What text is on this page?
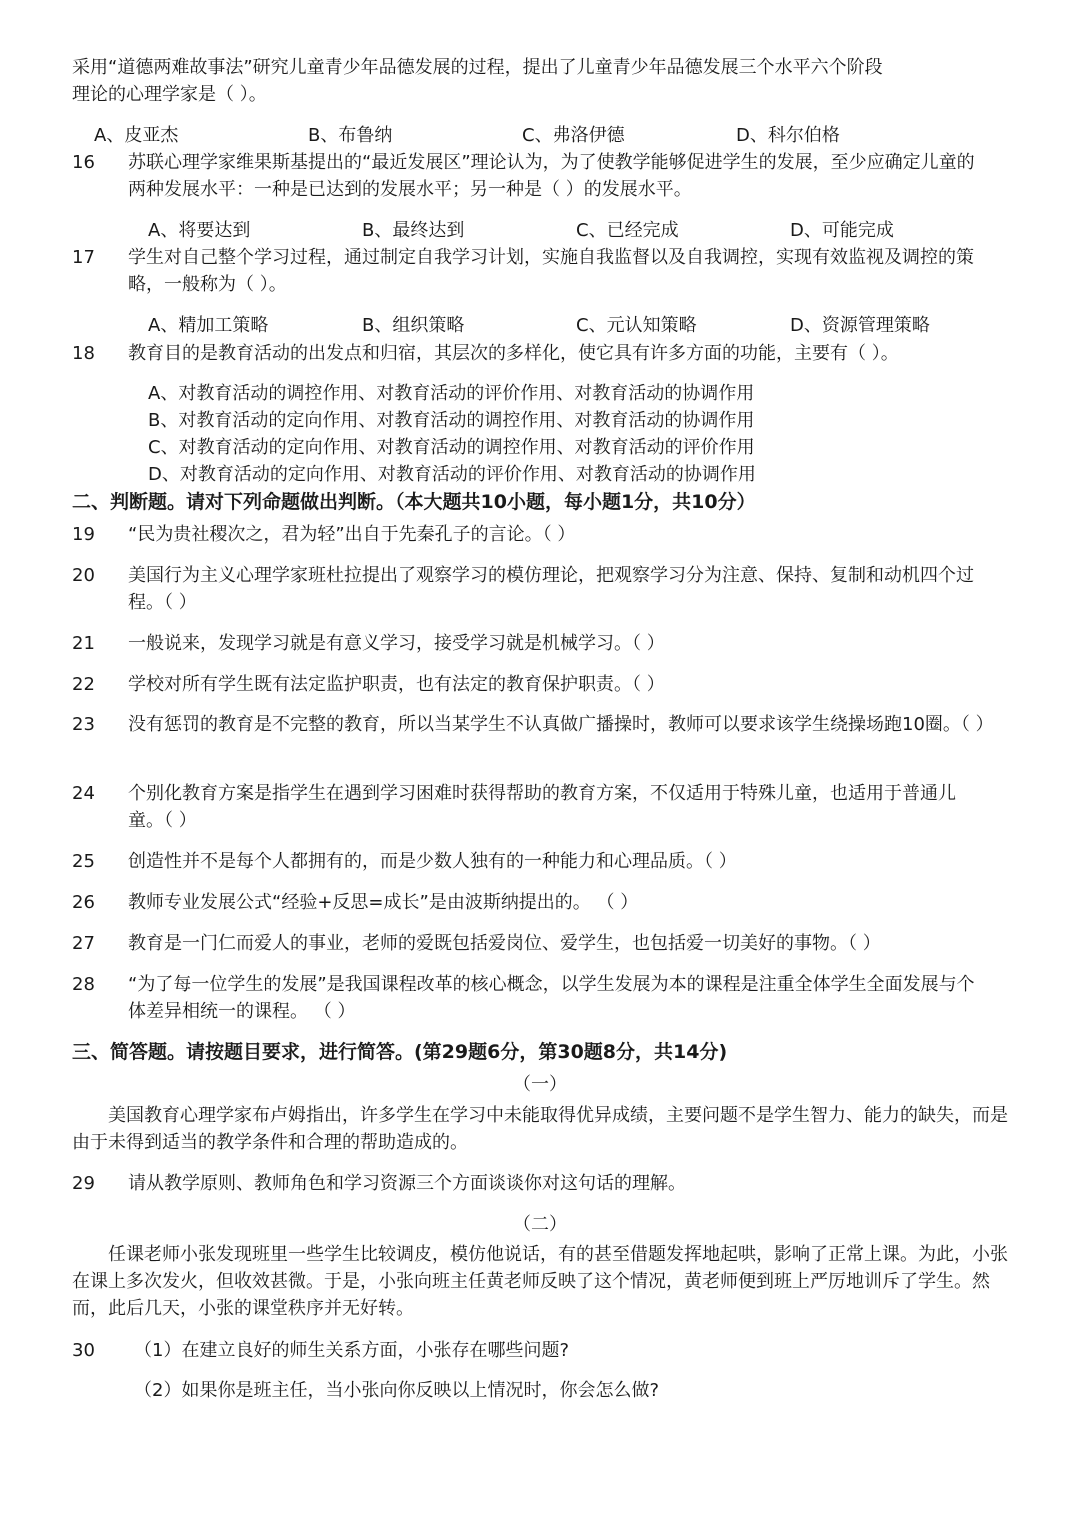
采用“道德两难故事法”研究儿童青少年品德发展的过程，提出了儿童青少年品德发展三个水平六个阶段
理论的心理学家是（ ）。
A、皮亚杰	B、布鲁纳	C、弗洛伊德	D、科尔伯格
16	苏联心理学家维果斯基提出的“最近发展区”理论认为，为了使教学能够促进学生的发展，至少应确定儿童的两种发展水平：一种是已达到的发展水平；另一种是（ ）的发展水平。
A、将要达到	B、最终达到	C、已经完成	D、可能完成
17	学生对自己整个学习过程，通过制定自我学习计划，实施自我监督以及自我调控，实现有效监视及调控的策略，一般称为（ ）。
A、精加工策略	B、组织策略	C、元认知策略	D、资源管理策略
18	教育目的是教育活动的出发点和归宿，其层次的多样化，使它具有许多方面的功能，主要有（ ）。
A、对教育活动的调控作用、对教育活动的评价作用、对教育活动的协调作用
B、对教育活动的定向作用、对教育活动的调控作用、对教育活动的协调作用
C、对教育活动的定向作用、对教育活动的调控作用、对教育活动的评价作用
D、对教育活动的定向作用、对教育活动的评价作用、对教育活动的协调作用
二、判断题。请对下列命题做出判断。（本大题共10小题，每小题1分，共10分）
19	“民为贵社稷次之，君为轻”出自于先秦孔子的言论。（ ）
20	美国行为主义心理学家班杜拉提出了观察学习的模仿理论，把观察学习分为注意、保持、复制和动机四个过程。（ ）
21	一般说来，发现学习就是有意义学习，接受学习就是机械学习。（ ）
22	学校对所有学生既有法定监护职责，也有法定的教育保护职责。（ ）
23	没有惩罚的教育是不完整的教育，所以当某学生不认真做广播操时，教师可以要求该学生绕操场跑10圈。（ ）
24	个别化教育方案是指学生在遇到学习困难时获得帮助的教育方案，不仅适用于特殊儿童，也适用于普通儿童。（ ）
25	创造性并不是每个人都拥有的，而是少数人独有的一种能力和心理品质。（ ）
26	教师专业发展公式“经验+反思=成长”是由波斯纳提出的。 （ ）
27	教育是一门仁而爱人的事业，老师的爱既包括爱岗位、爱学生，也包括爱一切美好的事物。（ ）
28	“为了每一位学生的发展”是我国课程改革的核心概念，以学生发展为本的课程是注重全体学生全面发展与个体差异相统一的课程。 （ ）
三、简答题。请按题目要求，进行简答。(第29题6分，第30题8分，共14分)
（一）
美国教育心理学家布卢姆指出，许多学生在学习中未能取得优异成绩，主要问题不是学生智力、能力的缺失，而是由于未得到适当的教学条件和合理的帮助造成的。
29	请从教学原则、教师角色和学习资源三个方面谈谈你对这句话的理解。
（二）
任课老师小张发现班里一些学生比较调皮，模仿他说话，有的甚至借题发挥地起哄，影响了正常上课。为此，小张在课上多次发火，但收效甚微。于是，小张向班主任黄老师反映了这个情况，黄老师便到班上严厉地训斥了学生。然而，此后几天，小张的课堂秩序并无好转。
30	（1）在建立良好的师生关系方面，小张存在哪些问题?
（2）如果你是班主任，当小张向你反映以上情况时，你会怎么做?
